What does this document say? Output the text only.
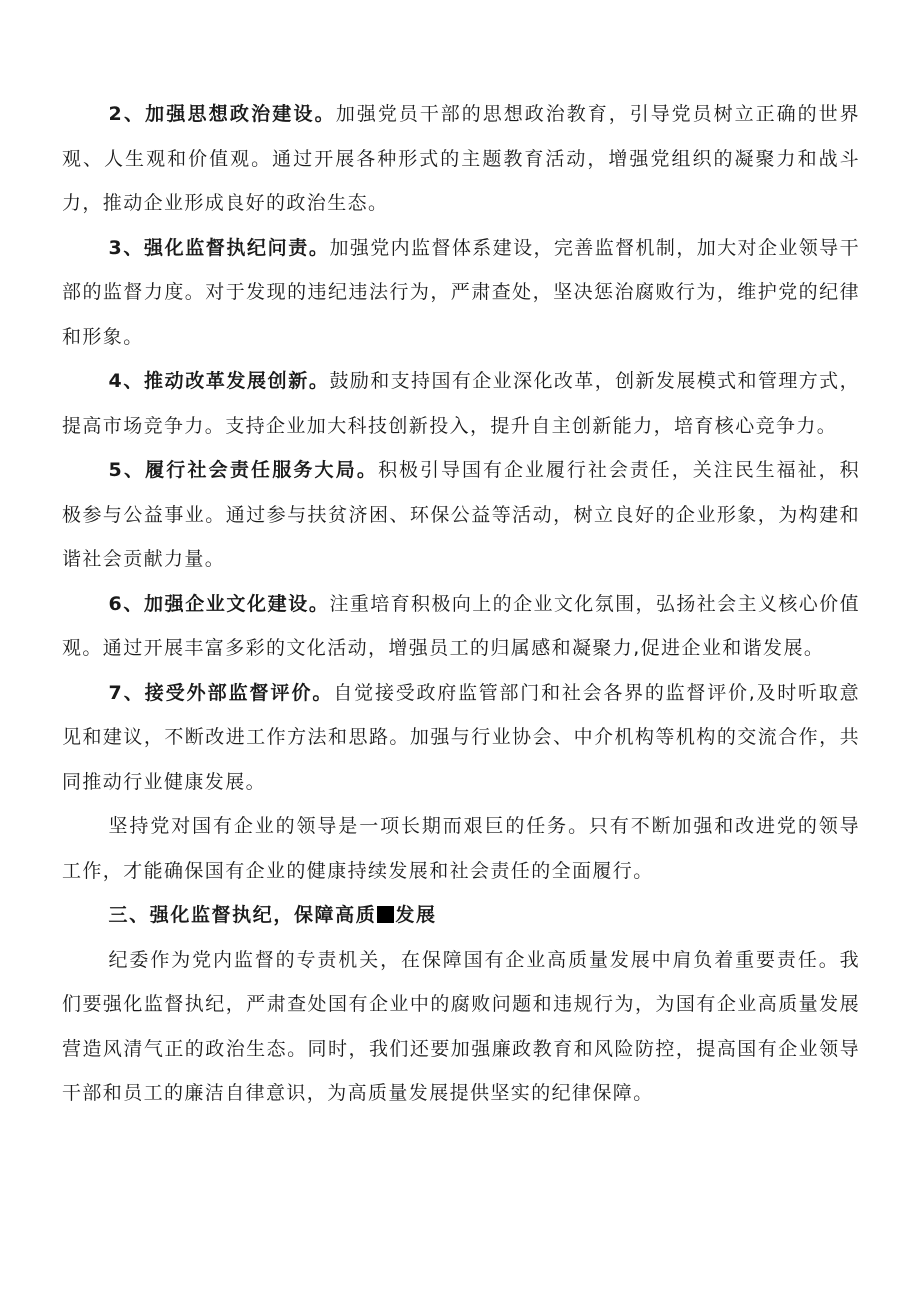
2、加强思想政治建设。加强党员干部的思想政治教育，引导党员树立正确的世界观、人生观和价值观。通过开展各种形式的主题教育活动，增强党组织的凝聚力和战斗力，推动企业形成良好的政治生态。

3、强化监督执纪问责。加强党内监督体系建设，完善监督机制，加大对企业领导干部的监督力度。对于发现的违纪违法行为，严肃查处，坚决惩治腐败行为，维护党的纪律和形象。

4、推动改革发展创新。鼓励和支持国有企业深化改革，创新发展模式和管理方式，提高市场竞争力。支持企业加大科技创新投入，提升自主创新能力，培育核心竞争力。

5、履行社会责任服务大局。积极引导国有企业履行社会责任，关注民生福祉，积极参与公益事业。通过参与扶贫济困、环保公益等活动，树立良好的企业形象，为构建和谐社会贡献力量。

6、加强企业文化建设。注重培育积极向上的企业文化氛围，弘扬社会主义核心价值观。通过开展丰富多彩的文化活动，增强员工的归属感和凝聚力,促进企业和谐发展。

7、接受外部监督评价。自觉接受政府监管部门和社会各界的监督评价,及时听取意见和建议，不断改进工作方法和思路。加强与行业协会、中介机构等机构的交流合作，共同推动行业健康发展。

坚持党对国有企业的领导是一项长期而艰巨的任务。只有不断加强和改进党的领导工作，才能确保国有企业的健康持续发展和社会责任的全面履行。

三、强化监督执纪，保障高质 发展

纪委作为党内监督的专责机关，在保障国有企业高质量发展中肩负着重要责任。我们要强化监督执纪，严肃查处国有企业中的腐败问题和违规行为，为国有企业高质量发展营造风清气正的政治生态。同时，我们还要加强廉政教育和风险防控，提高国有企业领导干部和员工的廉洁自律意识，为高质量发展提供坚实的纪律保障。
